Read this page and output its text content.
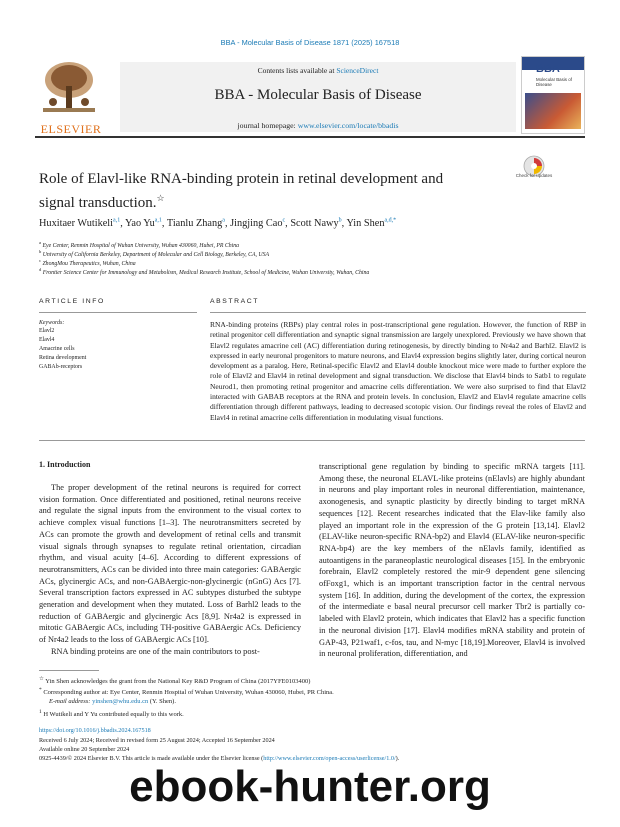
BBA - Molecular Basis of Disease 1871 (2025) 167518
Contents lists available at ScienceDirect
BBA - Molecular Basis of Disease
journal homepage: www.elsevier.com/locate/bbadis
ELSEVIER
BBA
Molecular Basis of Disease
Role of Elavl-like RNA-binding protein in retinal development and
signal transduction.☆
Check for updates
Huxitaer Wutikeli$^{a,1}$, Yao Yu$^{a,1}$, Tianlu Zhang$^a$, Jingjing Cao$^c$, Scott Nawy$^b$, Yin Shen$^{a,d,*}$
$^a$ Eye Center, Renmin Hospital of Wuhan University, Wuhan 430060, Hubei, PR China
$^b$ University of California Berkeley, Department of Molecular and Cell Biology, Berkeley, CA, USA
$^c$ ZhongMou Therapeutics, Wuhan, China
$^d$ Frontier Science Center for Immunology and Metabolism, Medical Research Institute, School of Medicine, Wuhan University, Wuhan, China
ARTICLE INFO	ABSTRACT
Keywords:
Elavl2
Elavl4
Amacrine cells
Retina development
GABAb-receptors
RNA-binding proteins (RBPs) play central roles in post-transcriptional gene regulation. However, the function of RBP in retinal progenitor cell differentiation and synaptic signal transmission are largely unexplored. Previously we have shown that Elavl2 regulates amacrine cell (AC) differentiation during retinogenesis, by directly binding to Nr4a2 and Barhl2. Elavl2 is expressed in early neuronal progenitors to mature neurons, and Elavl4 expression begins slightly later, during cortical neuron development as a paralog. Here, Retinal-specific Elavl2 and Elavl4 double knockout mice were made to further explore the role of Elavl2 and Elavl4 in retinal development and signal transduction. We disclose that Elavl4 binds to Satb1 to regulate Neurod1, then promoting retinal progenitor and amacrine cells differentiation. We were also surprised to find that Elavl2 interacted with GABAB receptors at the RNA and protein levels. In conclusion, Elavl2 and Elavl4 regulate amacrine cells differentiation through different pathways, leading to decreased scotopic vision. Our findings reveal the roles of Elavl2 and Elavl4 in retinal amacrine cells differentiation in modulating visual functions.
1. Introduction

The proper development of the retinal neurons is required for correct vision formation. Once differentiated and positioned, retinal neurons receive and regulate the signal inputs from the environment to the visual cortex to achieve complex visual functions [1–3]. The neurotransmitters secreted by ACs can promote the growth and development of retinal cells and transmit visual signals through synapses to regulate retinal orientation, circadian rhythm, and visual acuity [4–6]. According to different expressions of neurotransmitters, ACs can be divided into three main categories: GABAergic ACs, glycinergic ACs, and non-GABAergic-non-glycinergic (nGnG) Acs [7]. Several transcription factors expressed in AC subtypes disturbed the subtype generation and development when they mutated. Loss of Barhl2 leads to the reduction of GABAergic and glycinergic Acs [8,9]. Nr4a2 is expressed in mitotic GABAergic ACs, including TH-positive GABAergic ACs. Deficiency of Nr4a2 leads to the loss of GABAergic ACs [10].

RNA binding proteins are one of the main contributors to post-

transcriptional gene regulation by binding to specific mRNA targets [11]. Among these, the neuronal ELAVL-like proteins (nElavls) are highly abundant in neurons and play important roles in neuronal differentiation, maintenance, axonogenesis, and synaptic plasticity by directly binding to target mRNA sequences [12]. Recent researches indicated that the Elav-like family also played an important role in the expression of the G protein [13,14]. Elavl2 (ELAV-like neuron-specific RNA-bp2) and Elavl4 (ELAV-like neuron-specific RNA-bp4) are the key members of the nElavls family, identified as autoantigens in the paraneoplastic neurological diseases [15]. In the embryonic forebrain, Elavl2 completely restored the mir-9 dependent gene silencing ofFoxg1, which is an important transcription factor in the central nervous system [16]. In addition, during the development of the cortex, the expression of the intermediate e basal neural precursor cell marker Tbr2 is partially co-labeled with Elavl2 protein, which indicates that Elavl2 has a specific function in the neuronal division [17]. Elavl4 modifies mRNA stability and protein of GAP-43, P21waf1, c-fos, tau, and N-myc [18,19].Moreover, Elavl4 is involved in neuronal proliferation, differentiation, and

☆ Yin Shen acknowledges the grant from the National Key R&D Program of China (2017YFE0103400)
* Corresponding author at: Eye Center, Renmin Hospital of Wuhan University, Wuhan 430060, Hubei, PR China.
E-mail address: yinshen@whu.edu.cn (Y. Shen).
$^1$ H Wutikeli and Y Yu contributed equally to this work.
https://doi.org/10.1016/j.bbadis.2024.167518
Received 6 July 2024; Received in revised form 25 August 2024; Accepted 16 September 2024
Available online 20 September 2024
0925-4439/© 2024 Elsevier B.V. This article is made available under the Elsevier license (http://www.elsevier.com/open-access/userlicense/1.0/).
ebook-hunter.org
